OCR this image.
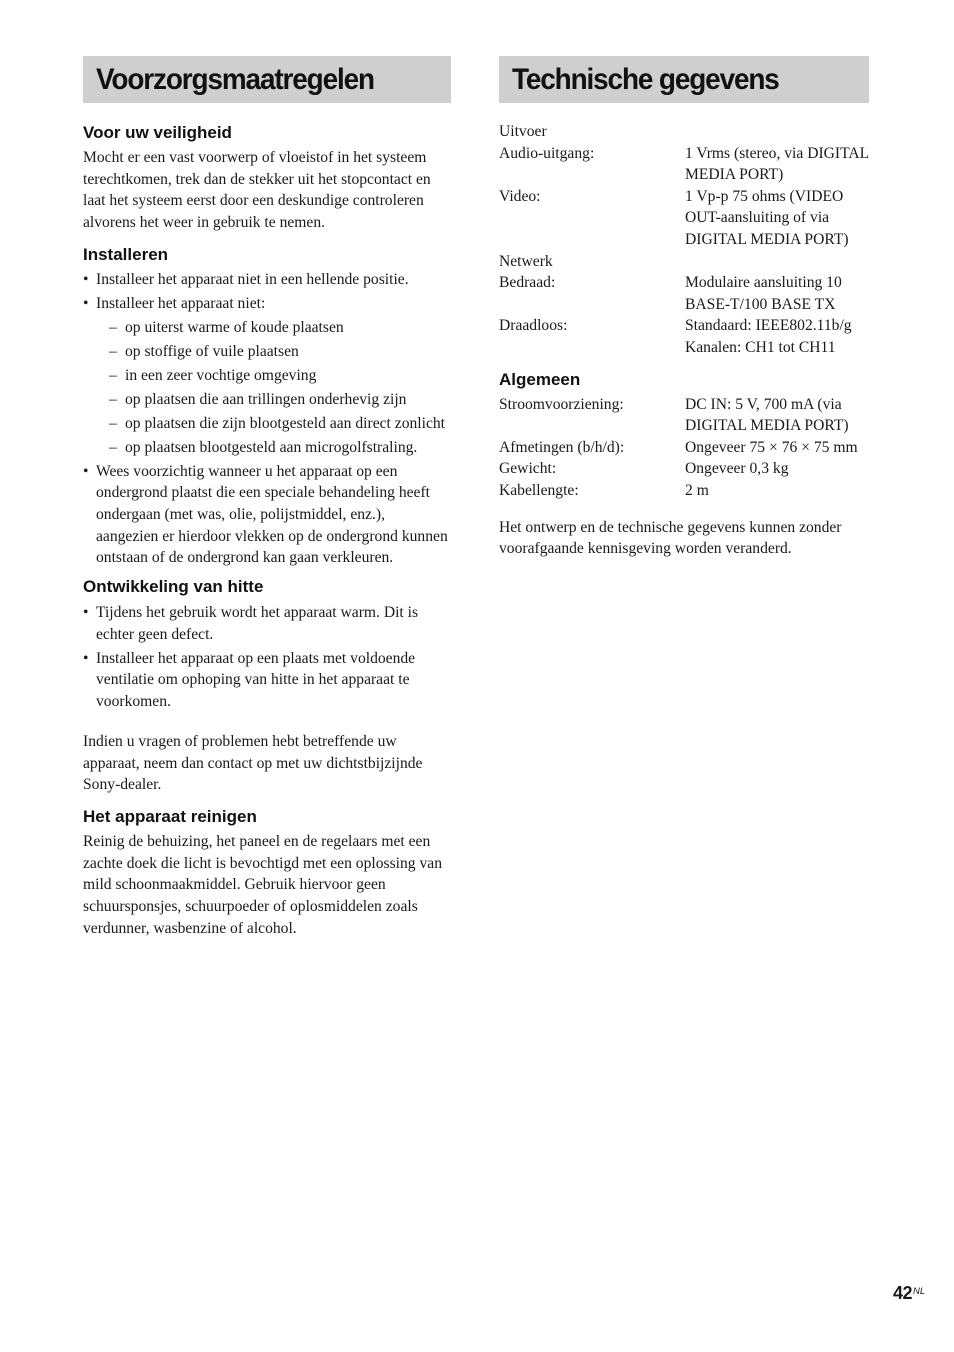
Voorzorgsmaatregelen
Voor uw veiligheid

Mocht er een vast voorwerp of vloeistof in het systeem terechtkomen, trek dan de stekker uit het stopcontact en laat het systeem eerst door een deskundige controleren alvorens het weer in gebruik te nemen.

Installeren
• Installeer het apparaat niet in een hellende positie.
• Installeer het apparaat niet:
– op uiterst warme of koude plaatsen
– op stoffige of vuile plaatsen
– in een zeer vochtige omgeving
– op plaatsen die aan trillingen onderhevig zijn
– op plaatsen die zijn blootgesteld aan direct zonlicht
– op plaatsen blootgesteld aan microgolfstraling.
• Wees voorzichtig wanneer u het apparaat op een ondergrond plaatst die een speciale behandeling heeft ondergaan (met was, olie, polijstmiddel, enz.), aangezien er hierdoor vlekken op de ondergrond kunnen ontstaan of de ondergrond kan gaan verkleuren.
Ontwikkeling van hitte
• Tijdens het gebruik wordt het apparaat warm. Dit is echter geen defect.
• Installeer het apparaat op een plaats met voldoende ventilatie om ophoping van hitte in het apparaat te voorkomen.

Indien u vragen of problemen hebt betreffende uw apparaat, neem dan contact op met uw dichtstbijzijnde Sony-dealer.

Het apparaat reinigen

Reinig de behuizing, het paneel en de regelaars met een zachte doek die licht is bevochtigd met een oplossing van mild schoonmaakmiddel. Gebruik hiervoor geen schuursponsjes, schuurpoeder of oplosmiddelen zoals verdunner, wasbenzine of alcohol.

Technische gegevens
Uitvoer
Audio-uitgang:	1 Vrms (stereo, via DIGITAL MEDIA PORT)
Video:	1 Vp-p 75 ohms (VIDEO OUT-aansluiting of via DIGITAL MEDIA PORT)
Netwerk
Bedraad:	Modulaire aansluiting 10 BASE-T/100 BASE TX
Draadloos:	Standaard: IEEE802.11b/g Kanalen: CH1 tot CH11
Algemeen
Stroomvoorziening:	DC IN: 5 V, 700 mA (via DIGITAL MEDIA PORT)
Afmetingen (b/h/d):	Ongeveer 75 × 76 × 75 mm
Gewicht:	Ongeveer 0,3 kg
Kabellengte:	2 m

Het ontwerp en de technische gegevens kunnen zonder voorafgaande kennisgeving worden veranderd.

$42^{NL}$
